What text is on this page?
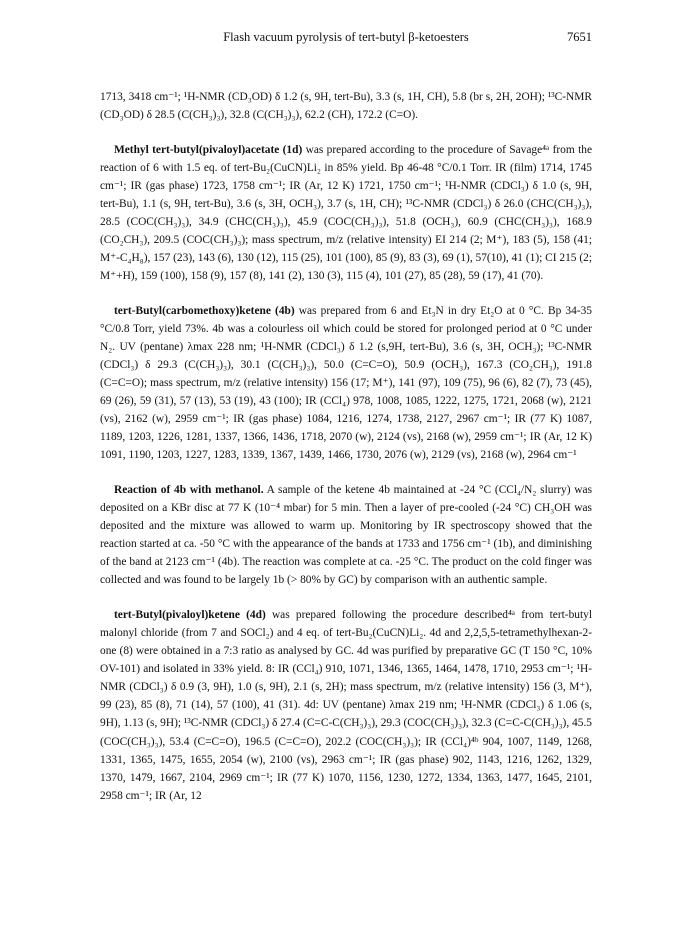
Flash vacuum pyrolysis of tert-butyl β-ketoesters	7651

1713, 3418 cm⁻¹; ¹H-NMR (CD₃OD) δ 1.2 (s, 9H, tert-Bu), 3.3 (s, 1H, CH), 5.8 (br s, 2H, 2OH); ¹³C-NMR (CD₃OD) δ 28.5 (C(CH₃)₃), 32.8 (C(CH₃)₃), 62.2 (CH), 172.2 (C=O).

Methyl tert-butyl(pivaloyl)acetate (1d) was prepared according to the procedure of Savage⁴ᵃ from the reaction of 6 with 1.5 eq. of tert-Bu₂(CuCN)Li₂ in 85% yield. Bp 46-48 °C/0.1 Torr. IR (film) 1714, 1745 cm⁻¹; IR (gas phase) 1723, 1758 cm⁻¹; IR (Ar, 12 K) 1721, 1750 cm⁻¹; ¹H-NMR (CDCl₃) δ 1.0 (s, 9H, tert-Bu), 1.1 (s, 9H, tert-Bu), 3.6 (s, 3H, OCH₃), 3.7 (s, 1H, CH); ¹³C-NMR (CDCl₃) δ 26.0 (CHC(CH₃)₃), 28.5 (COC(CH₃)₃), 34.9 (CHC(CH₃)₃), 45.9 (COC(CH₃)₃), 51.8 (OCH₃), 60.9 (CHC(CH₃)₃), 168.9 (CO₂CH₃), 209.5 (COC(CH₃)₃); mass spectrum, m/z (relative intensity) EI 214 (2; M⁺), 183 (5), 158 (41; M⁺-C₄H₈), 157 (23), 143 (6), 130 (12), 115 (25), 101 (100), 85 (9), 83 (3), 69 (1), 57(10), 41 (1); CI 215 (2; M⁺+H), 159 (100), 158 (9), 157 (8), 141 (2), 130 (3), 115 (4), 101 (27), 85 (28), 59 (17), 41 (70).

tert-Butyl(carbomethoxy)ketene (4b) was prepared from 6 and Et₃N in dry Et₂O at 0 °C. Bp 34-35 °C/0.8 Torr, yield 73%. 4b was a colourless oil which could be stored for prolonged period at 0 °C under N₂. UV (pentane) λmax 228 nm; ¹H-NMR (CDCl₃) δ 1.2 (s,9H, tert-Bu), 3.6 (s, 3H, OCH₃); ¹³C-NMR (CDCl₃) δ 29.3 (C(CH₃)₃), 30.1 (C(CH₃)₃), 50.0 (C=C=O), 50.9 (OCH₃), 167.3 (CO₂CH₃), 191.8 (C=C=O); mass spectrum, m/z (relative intensity) 156 (17; M⁺), 141 (97), 109 (75), 96 (6), 82 (7), 73 (45), 69 (26), 59 (31), 57 (13), 53 (19), 43 (100); IR (CCl₄) 978, 1008, 1085, 1222, 1275, 1721, 2068 (w), 2121 (vs), 2162 (w), 2959 cm⁻¹; IR (gas phase) 1084, 1216, 1274, 1738, 2127, 2967 cm⁻¹; IR (77 K) 1087, 1189, 1203, 1226, 1281, 1337, 1366, 1436, 1718, 2070 (w), 2124 (vs), 2168 (w), 2959 cm⁻¹; IR (Ar, 12 K) 1091, 1190, 1203, 1227, 1283, 1339, 1367, 1439, 1466, 1730, 2076 (w), 2129 (vs), 2168 (w), 2964 cm⁻¹

Reaction of 4b with methanol. A sample of the ketene 4b maintained at -24 °C (CCl₄/N₂ slurry) was deposited on a KBr disc at 77 K (10⁻⁴ mbar) for 5 min. Then a layer of pre-cooled (-24 °C) CH₃OH was deposited and the mixture was allowed to warm up. Monitoring by IR spectroscopy showed that the reaction started at ca. -50 °C with the appearance of the bands at 1733 and 1756 cm⁻¹ (1b), and diminishing of the band at 2123 cm⁻¹ (4b). The reaction was complete at ca. -25 °C. The product on the cold finger was collected and was found to be largely 1b (> 80% by GC) by comparison with an authentic sample.

tert-Butyl(pivaloyl)ketene (4d) was prepared following the procedure described⁴ᵃ from tert-butyl malonyl chloride (from 7 and SOCl₂) and 4 eq. of tert-Bu₂(CuCN)Li₂. 4d and 2,2,5,5-tetramethylhexan-2-one (8) were obtained in a 7:3 ratio as analysed by GC. 4d was purified by preparative GC (T 150 °C, 10% OV-101) and isolated in 33% yield. 8: IR (CCl₄) 910, 1071, 1346, 1365, 1464, 1478, 1710, 2953 cm⁻¹; ¹H-NMR (CDCl₃) δ 0.9 (3, 9H), 1.0 (s, 9H), 2.1 (s, 2H); mass spectrum, m/z (relative intensity) 156 (3, M⁺), 99 (23), 85 (8), 71 (14), 57 (100), 41 (31). 4d: UV (pentane) λmax 219 nm; ¹H-NMR (CDCl₃) δ 1.06 (s, 9H), 1.13 (s, 9H); ¹³C-NMR (CDCl₃) δ 27.4 (C=C-C(CH₃)₃), 29.3 (COC(CH₃)₃), 32.3 (C=C-C(CH₃)₃), 45.5 (COC(CH₃)₃), 53.4 (C=C=O), 196.5 (C=C=O), 202.2 (COC(CH₃)₃); IR (CCl₄)⁴ᵇ 904, 1007, 1149, 1268, 1331, 1365, 1475, 1655, 2054 (w), 2100 (vs), 2963 cm⁻¹; IR (gas phase) 902, 1143, 1216, 1262, 1329, 1370, 1479, 1667, 2104, 2969 cm⁻¹; IR (77 K) 1070, 1156, 1230, 1272, 1334, 1363, 1477, 1645, 2101, 2958 cm⁻¹; IR (Ar, 12
